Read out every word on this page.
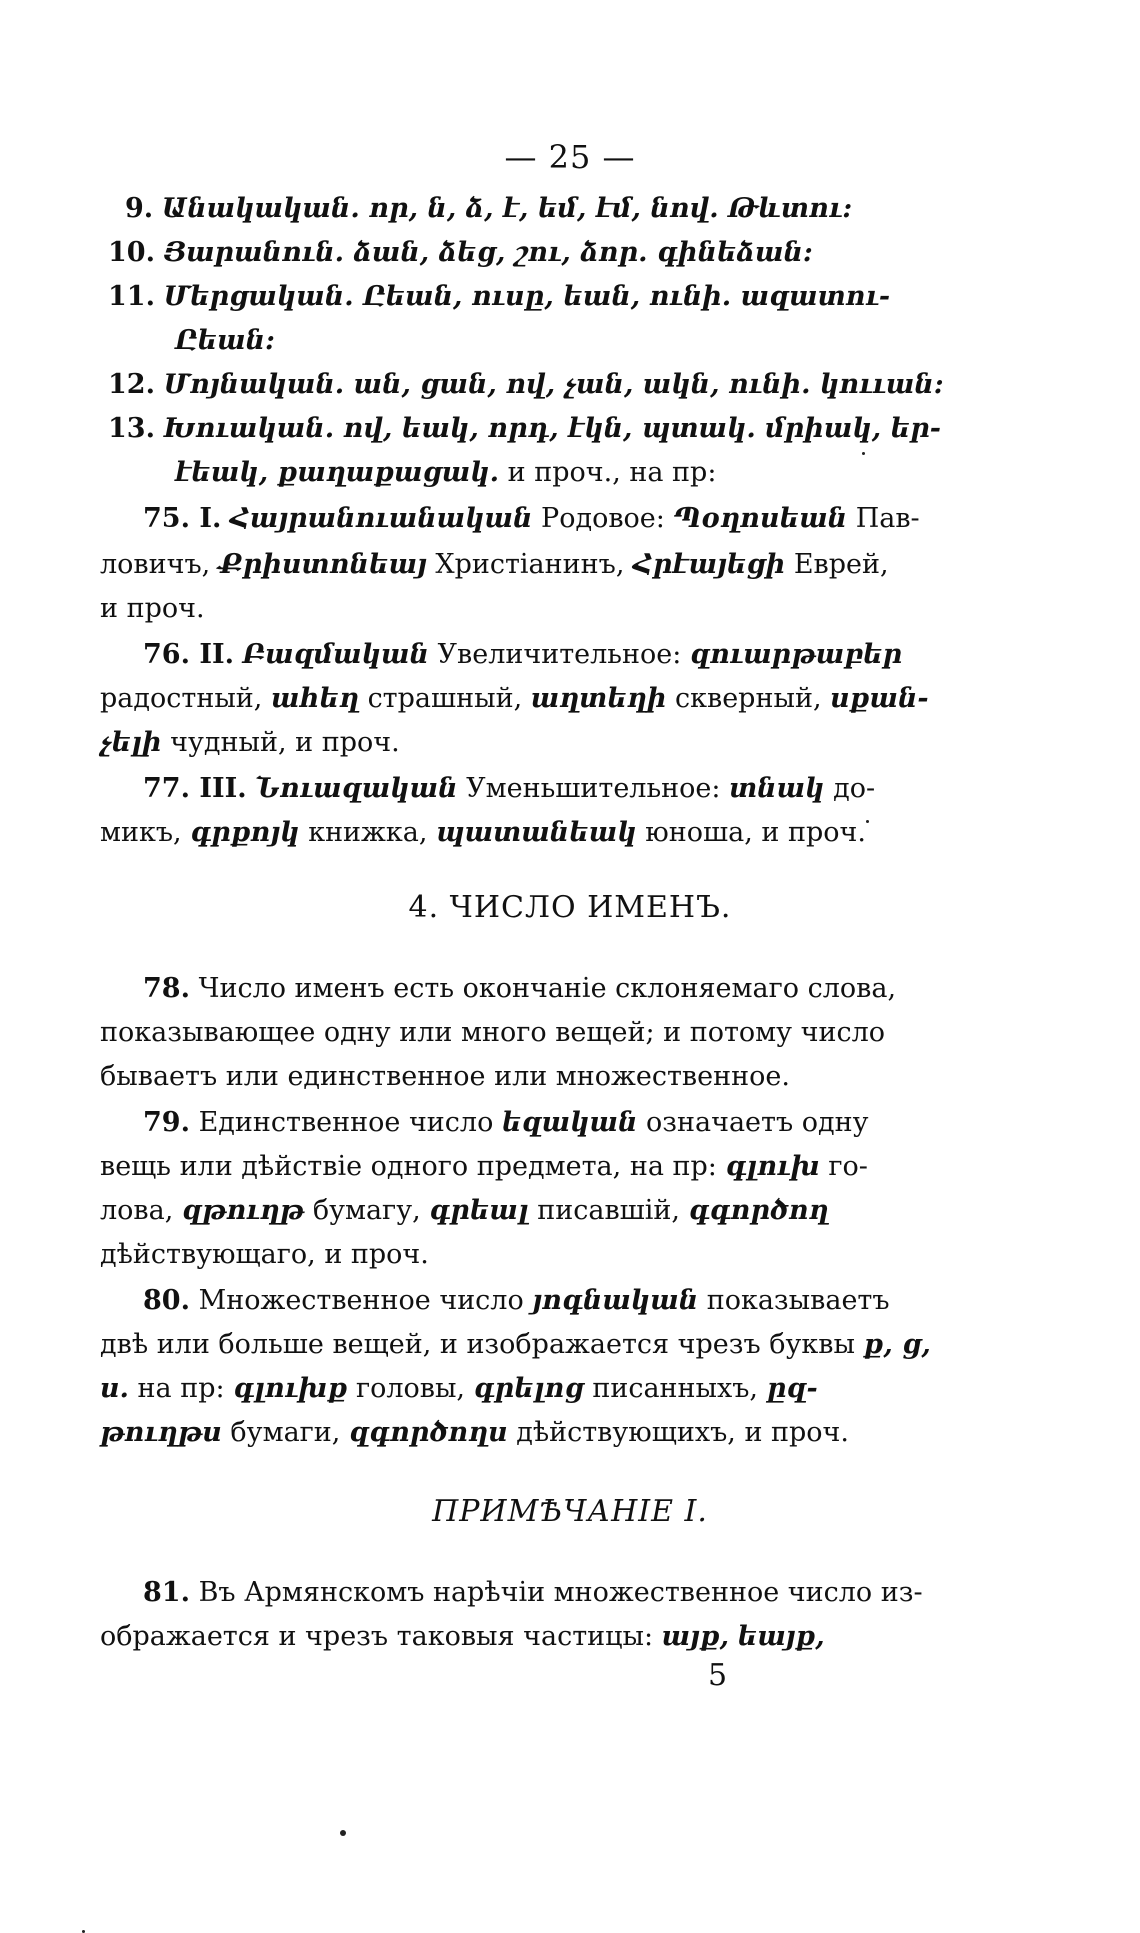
— 25 —
9. Անակական․ որ, ն, ձ, է, եմ, էմ, նով․ Թևտու:
10. Յարանուն․ ձան, ձեց, շու, ձոր․ գինեձան:
11. Մերցական․ Ըեան, ուսը, եան, ունի․ ազատու-
Ըեան:
12. Մոյնական․ ան, ցան, ով, չան, ակն, ունի․ կոււան:
13. Խուական․ ով, եակ, որդ, էկն, պտակ․ մրիակ, եր-
էեակ, քաղաքացակ․ и проч., на пр:
75. I. Հայրանուանական Родовое: Պօղոսեան Пав-
ловичъ, Քրիստոնեայ Христіанинъ, Հրէայեցի Еврей,
и проч.
76. II. Բազմական Увеличительное: զուարթաբեր
радостный, ահեղ страшный, աղտեղի скверный, սքան-
չելի чудный, и проч.
77. III. Նուազական Уменьшительное: տնակ до-
микъ, գրքոյկ книжка, պատանեակ юноша, и проч.
4. ЧИСЛО ИМЕНЪ.
78. Число именъ есть окончаніе склоняемаго слова,
показывающее одну или много вещей; и потому число
бываетъ или единственное или множественное.
79. Единственное число եզական означаетъ одну
вещь или дѣйствіе одного предмета, на пр: գլուխ го-
лова, զթուղթ бумагу, գրեալ писавшій, գգործող
дѣйствующаго, и проч.
80. Множественное число յոգնական показываетъ
двѣ или больше вещей, и изображается чрезъ буквы ք, ց,
ս․ на пр: գլուխք головы, գրելոց писанныхъ, ըզ-
թուղթս бумаги, զգործողս дѣйствующихъ, и проч.
ПРИМѢЧАНІЕ I.
81. Въ Армянскомъ нарѣчіи множественное число из-
ображается и чрезъ таковыя частицы: այք, եայք,
5
